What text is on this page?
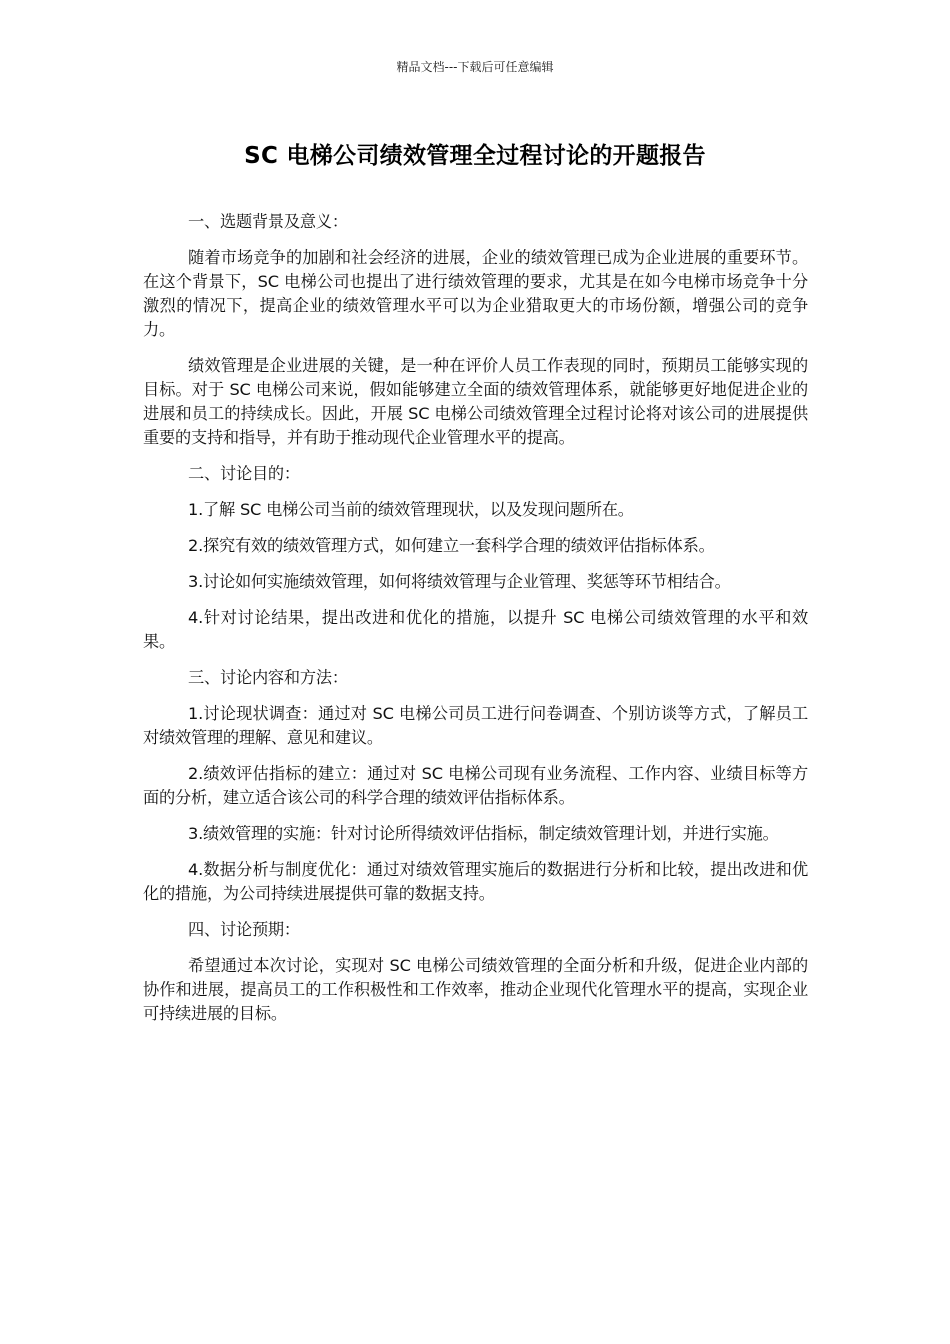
精品文档---下载后可任意编辑
SC 电梯公司绩效管理全过程讨论的开题报告

一、选题背景及意义：

随着市场竞争的加剧和社会经济的进展，企业的绩效管理已成为企业进展的重要环节。在这个背景下，SC 电梯公司也提出了进行绩效管理的要求，尤其是在如今电梯市场竞争十分激烈的情况下，提高企业的绩效管理水平可以为企业猎取更大的市场份额，增强公司的竞争力。

绩效管理是企业进展的关键，是一种在评价人员工作表现的同时，预期员工能够实现的目标。对于 SC 电梯公司来说，假如能够建立全面的绩效管理体系，就能够更好地促进企业的进展和员工的持续成长。因此，开展 SC 电梯公司绩效管理全过程讨论将对该公司的进展提供重要的支持和指导，并有助于推动现代企业管理水平的提高。

二、讨论目的：

1.了解 SC 电梯公司当前的绩效管理现状，以及发现问题所在。

2.探究有效的绩效管理方式，如何建立一套科学合理的绩效评估指标体系。

3.讨论如何实施绩效管理，如何将绩效管理与企业管理、奖惩等环节相结合。

4.针对讨论结果，提出改进和优化的措施，以提升 SC 电梯公司绩效管理的水平和效果。

三、讨论内容和方法：

1.讨论现状调查：通过对 SC 电梯公司员工进行问卷调查、个别访谈等方式，了解员工对绩效管理的理解、意见和建议。

2.绩效评估指标的建立：通过对 SC 电梯公司现有业务流程、工作内容、业绩目标等方面的分析，建立适合该公司的科学合理的绩效评估指标体系。

3.绩效管理的实施：针对讨论所得绩效评估指标，制定绩效管理计划，并进行实施。

4.数据分析与制度优化：通过对绩效管理实施后的数据进行分析和比较，提出改进和优化的措施，为公司持续进展提供可靠的数据支持。

四、讨论预期：

希望通过本次讨论，实现对 SC 电梯公司绩效管理的全面分析和升级，促进企业内部的协作和进展，提高员工的工作积极性和工作效率，推动企业现代化管理水平的提高，实现企业可持续进展的目标。
